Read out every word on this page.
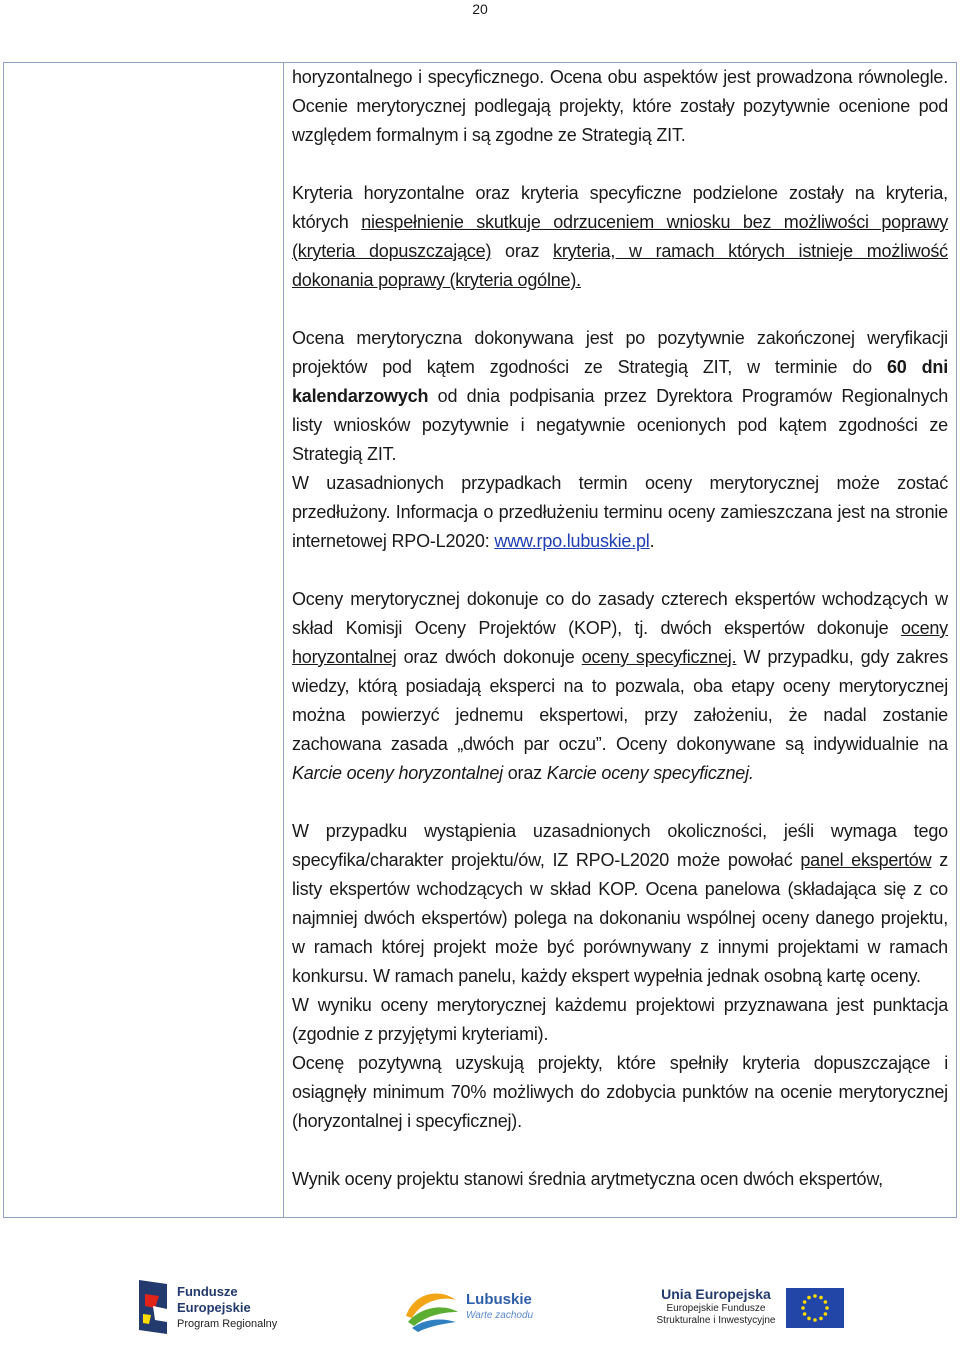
20

horyzontalnego i specyficznego. Ocena obu aspektów jest prowadzona równolegle. Ocenie merytorycznej podlegają projekty, które zostały pozytywnie ocenione pod względem formalnym i są zgodne ze Strategią ZIT.

Kryteria horyzontalne oraz kryteria specyficzne podzielone zostały na kryteria, których niespełnienie skutkuje odrzuceniem wniosku bez możliwości poprawy (kryteria dopuszczające) oraz kryteria, w ramach których istnieje możliwość dokonania poprawy (kryteria ogólne).

Ocena merytoryczna dokonywana jest po pozytywnie zakończonej weryfikacji projektów pod kątem zgodności ze Strategią ZIT, w terminie do 60 dni kalendarzowych od dnia podpisania przez Dyrektora Programów Regionalnych listy wniosków pozytywnie i negatywnie ocenionych pod kątem zgodności ze Strategią ZIT.

W uzasadnionych przypadkach termin oceny merytorycznej może zostać przedłużony. Informacja o przedłużeniu terminu oceny zamieszczana jest na stronie internetowej RPO-L2020: www.rpo.lubuskie.pl.

Oceny merytorycznej dokonuje co do zasady czterech ekspertów wchodzących w skład Komisji Oceny Projektów (KOP), tj. dwóch ekspertów dokonuje oceny horyzontalnej oraz dwóch dokonuje oceny specyficznej. W przypadku, gdy zakres wiedzy, którą posiadają eksperci na to pozwala, oba etapy oceny merytorycznej można powierzyć jednemu ekspertowi, przy założeniu, że nadal zostanie zachowana zasada „dwóch par oczu”. Oceny dokonywane są indywidualnie na Karcie oceny horyzontalnej oraz Karcie oceny specyficznej.

W przypadku wystąpienia uzasadnionych okoliczności, jeśli wymaga tego specyfika/charakter projektu/ów, IZ RPO-L2020 może powołać panel ekspertów z listy ekspertów wchodzących w skład KOP. Ocena panelowa (składająca się z co najmniej dwóch ekspertów) polega na dokonaniu wspólnej oceny danego projektu, w ramach której projekt może być porównywany z innymi projektami w ramach konkursu. W ramach panelu, każdy ekspert wypełnia jednak osobną kartę oceny.

W wyniku oceny merytorycznej każdemu projektowi przyznawana jest punktacja (zgodnie z przyjętymi kryteriami).

Ocenę pozytywną uzyskują projekty, które spełniły kryteria dopuszczające i osiągnęły minimum 70% możliwych do zdobycia punktów na ocenie merytorycznej (horyzontalnej i specyficznej).

Wynik oceny projektu stanowi średnia arytmetyczna ocen dwóch ekspertów,

Fundusze
Europejskie
Program Regionalny
Lubuskie
Warte zachodu
Unia Europejska
Europejskie Fundusze
Strukturalne i Inwestycyjne
